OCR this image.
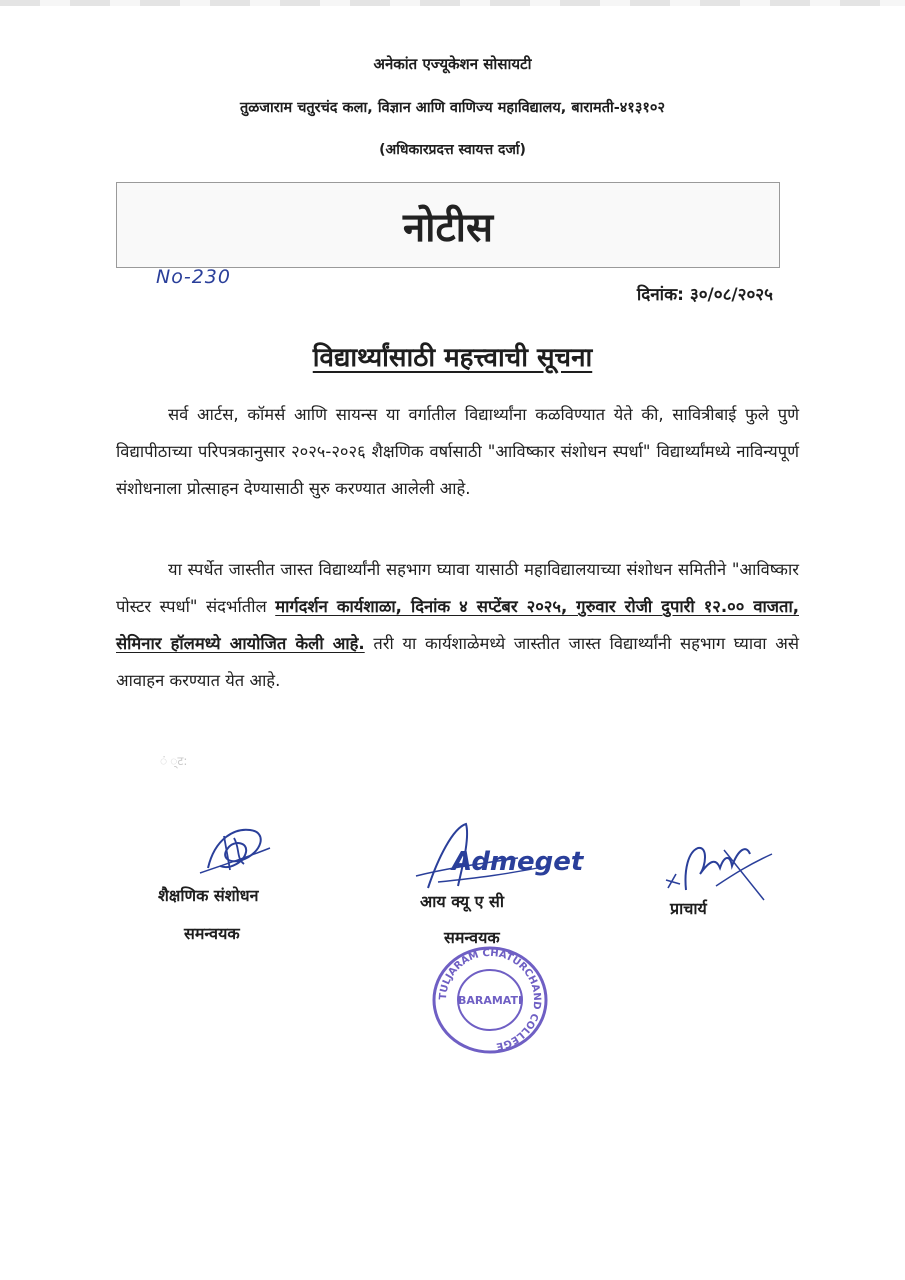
अनेकांत एज्यूकेशन सोसायटी
तुळजाराम चतुरचंद कला, विज्ञान आणि वाणिज्य महाविद्यालय, बारामती-४१३१०२
(अधिकारप्रदत्त स्वायत्त दर्जा)
नोटीस
No-230
दिनांक: ३०/०८/२०२५
विद्यार्थ्यांसाठी महत्त्वाची सूचना
सर्व आर्टस, कॉमर्स आणि सायन्स या वर्गातील विद्यार्थ्यांना कळविण्यात येते की, सावित्रीबाई फुले पुणे विद्यापीठाच्या परिपत्रकानुसार २०२५-२०२६ शैक्षणिक वर्षासाठी "आविष्कार संशोधन स्पर्धा" विद्यार्थ्यांमध्ये नाविन्यपूर्ण संशोधनाला प्रोत्साहन देण्यासाठी सुरु करण्यात आलेली आहे.
या स्पर्धेत जास्तीत जास्त विद्यार्थ्यांनी सहभाग घ्यावा यासाठी महाविद्यालयाच्या संशोधन समितीने "आविष्कार पोस्टर स्पर्धा" संदर्भातील मार्गदर्शन कार्यशाळा, दिनांक ४ सप्टेंबर २०२५, गुरुवार रोजी दुपारी १२.०० वाजता, सेमिनार हॉलमध्ये आयोजित केली आहे. तरी या कार्यशाळेमध्ये जास्तीत जास्त विद्यार्थ्यांनी सहभाग घ्यावा असे आवाहन करण्यात येत आहे.
ं ्ट:
शैक्षणिक संशोधन
समन्वयक
Admeget
आय क्यू ए सी
समन्वयक
TULJARAM CHATURCHAND COLLEGE
BARAMATI
प्राचार्य
